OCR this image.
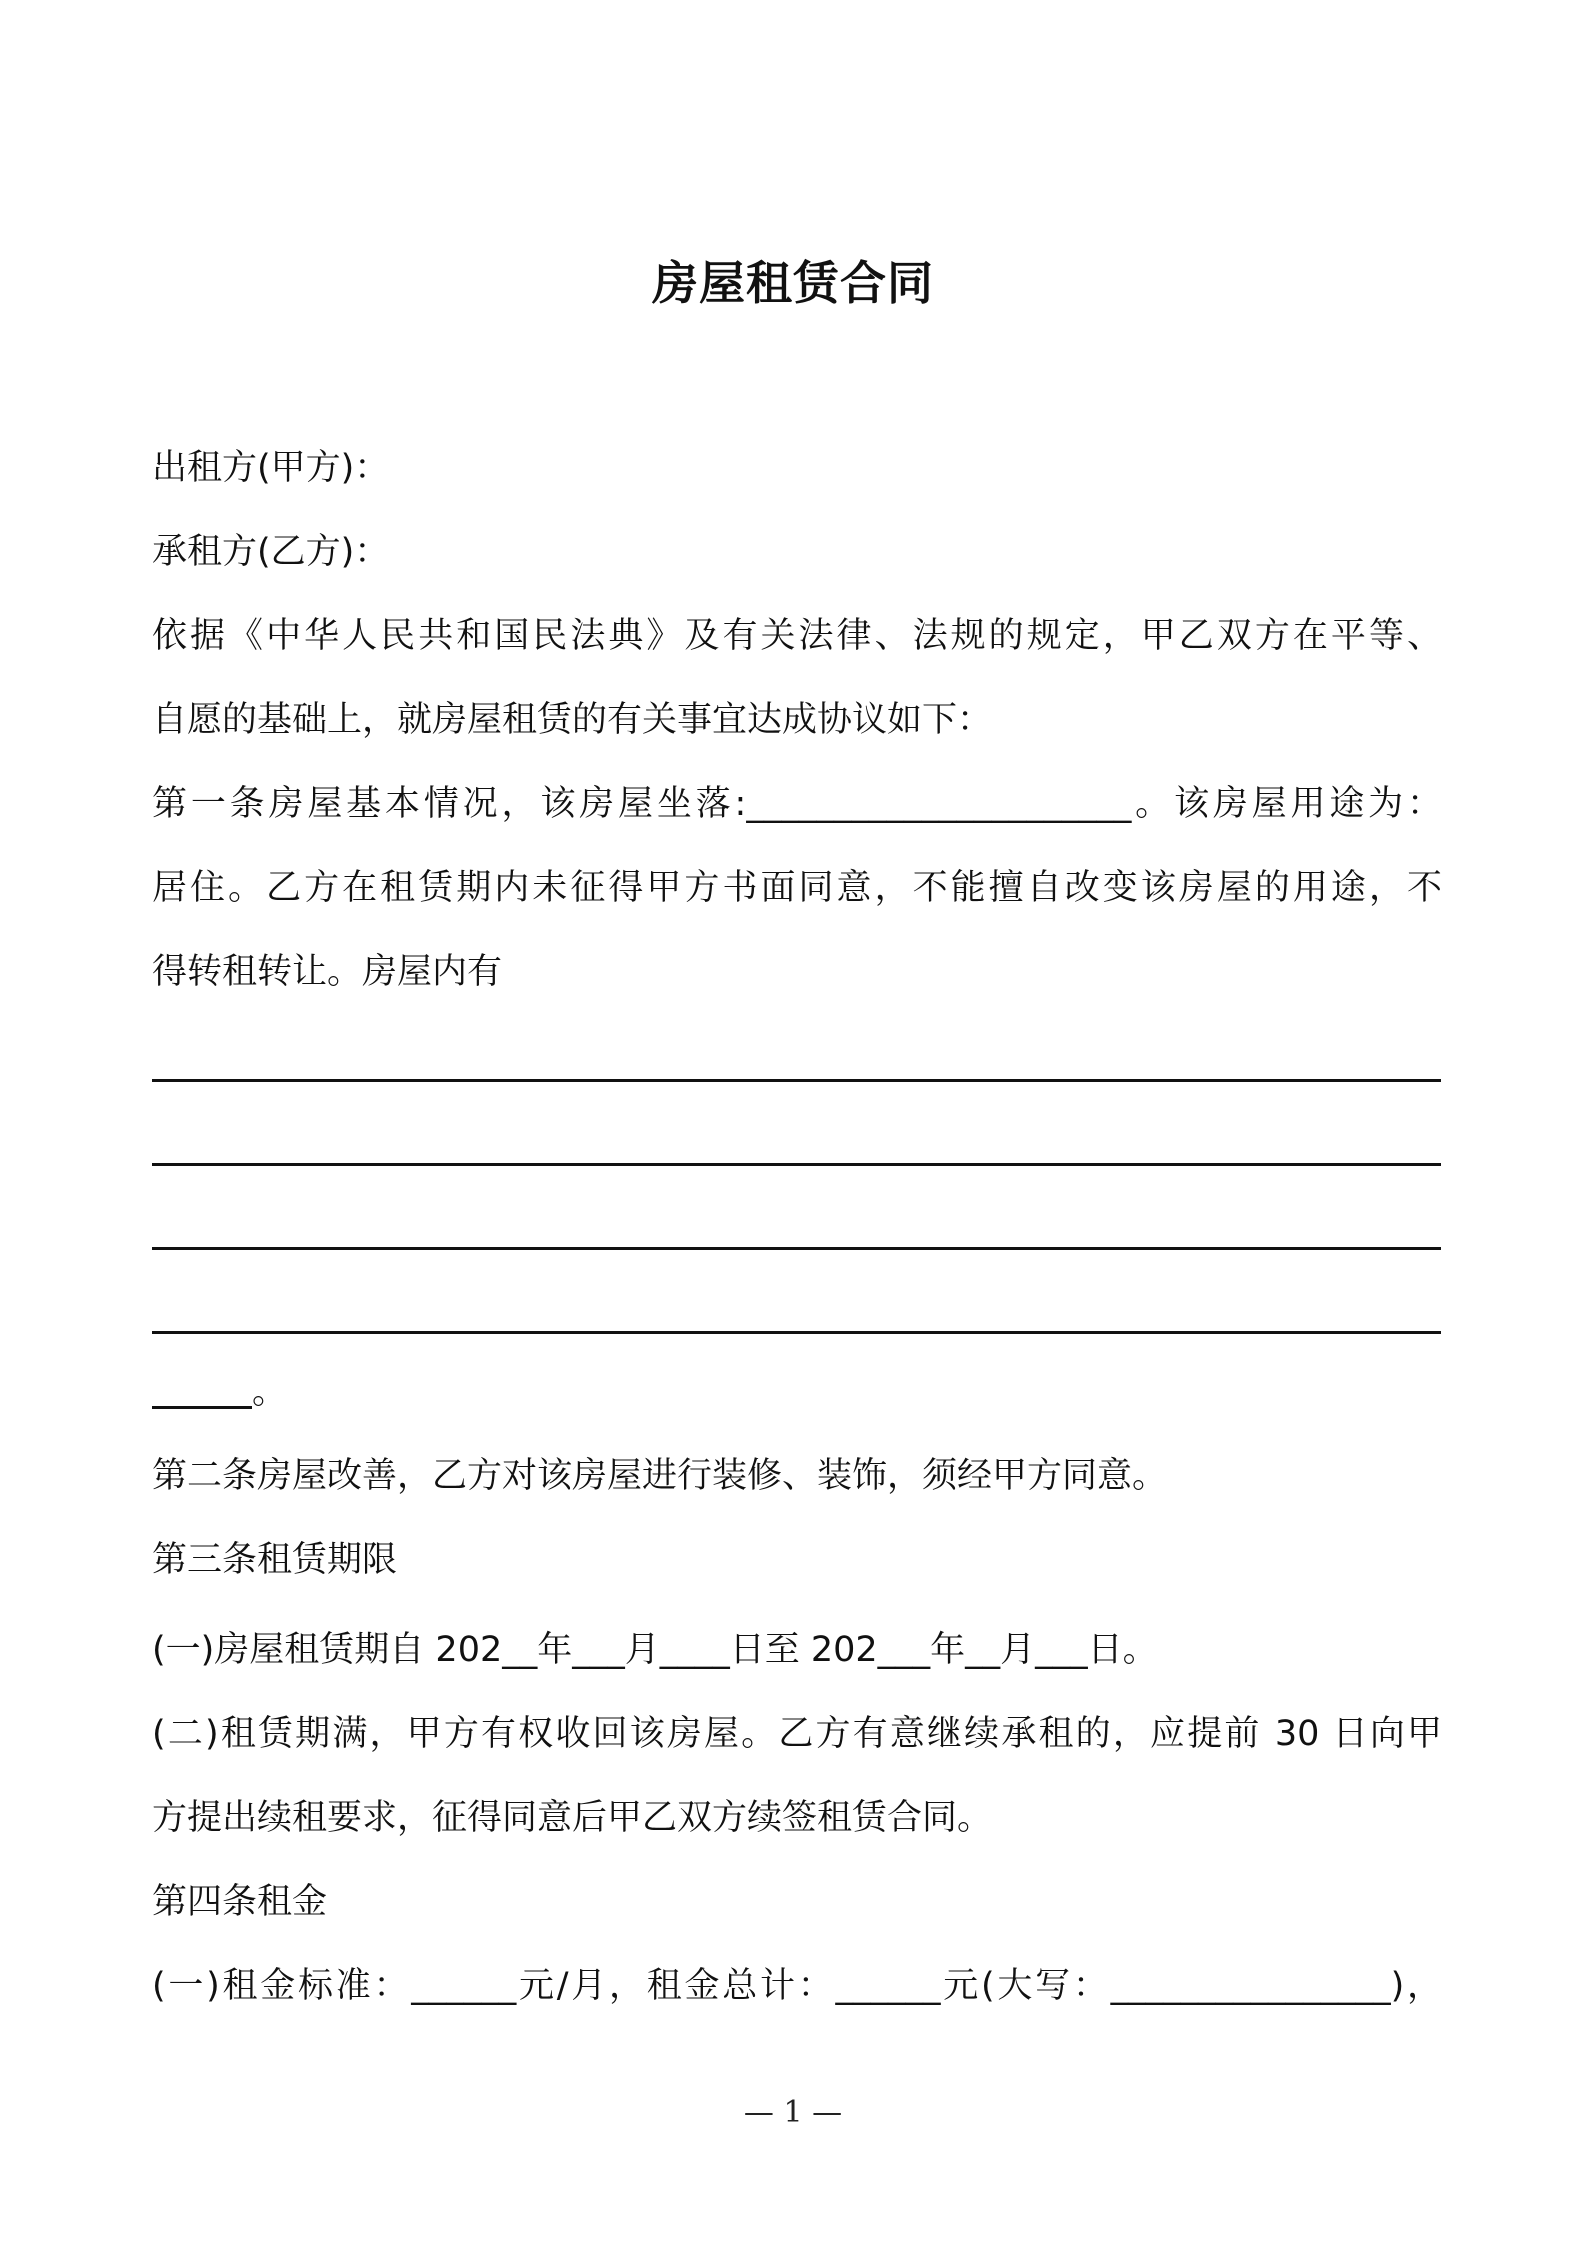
房屋租赁合同
出租方(甲方)：
承租方(乙方)：
依据《中华人民共和国民法典》及有关法律、法规的规定，甲乙双方在平等、
自愿的基础上，就房屋租赁的有关事宜达成协议如下：
第一条房屋基本情况，该房屋坐落:______________________。该房屋用途为：
居住。乙方在租赁期内未征得甲方书面同意，不能擅自改变该房屋的用途，不
得转租转让。房屋内有
。
第二条房屋改善，乙方对该房屋进行装修、装饰，须经甲方同意。
第三条租赁期限
(一)房屋租赁期自 202__年___月____日至 202___年__月___日。
(二)租赁期满，甲方有权收回该房屋。乙方有意继续承租的，应提前 30 日向甲
方提出续租要求，征得同意后甲乙双方续签租赁合同。
第四条租金
(一)租金标准：______元/月，租金总计：______元(大写：________________)，
— 1 —
